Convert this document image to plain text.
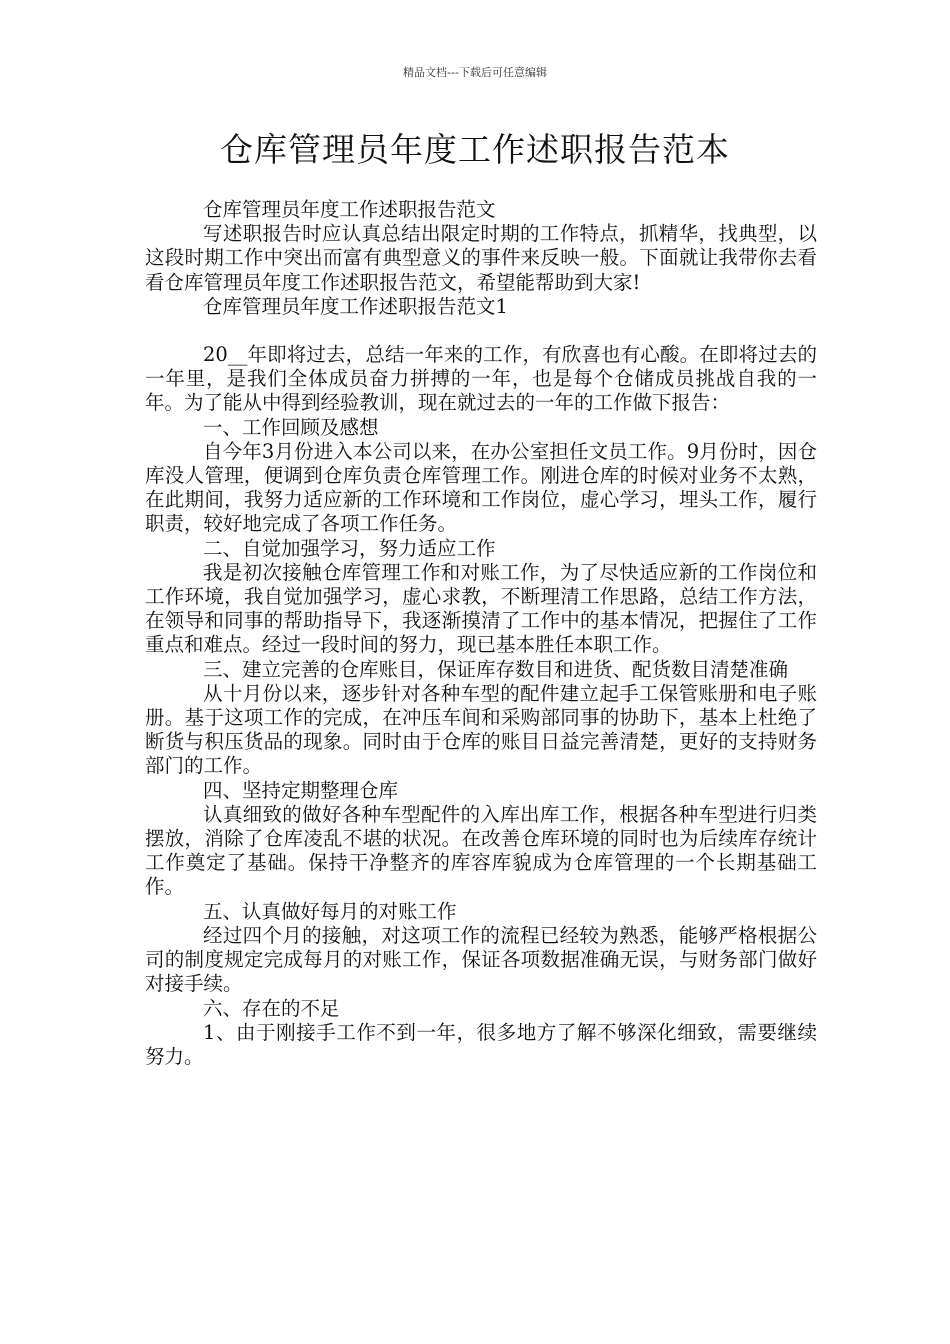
精品文档---下载后可任意编辑
仓库管理员年度工作述职报告范本

仓库管理员年度工作述职报告范文

写述职报告时应认真总结出限定时期的工作特点，抓精华，找典型，以这段时期工作中突出而富有典型意义的事件来反映一般。下面就让我带你去看看仓库管理员年度工作述职报告范文，希望能帮助到大家!

仓库管理员年度工作述职报告范文1

20__年即将过去，总结一年来的工作，有欣喜也有心酸。在即将过去的一年里，是我们全体成员奋力拼搏的一年，也是每个仓储成员挑战自我的一年。为了能从中得到经验教训，现在就过去的一年的工作做下报告：

一、工作回顾及感想

自今年3月份进入本公司以来，在办公室担任文员工作。9月份时，因仓库没人管理，便调到仓库负责仓库管理工作。刚进仓库的时候对业务不太熟，在此期间，我努力适应新的工作环境和工作岗位，虚心学习，埋头工作，履行职责，较好地完成了各项工作任务。

二、自觉加强学习，努力适应工作

我是初次接触仓库管理工作和对账工作，为了尽快适应新的工作岗位和工作环境，我自觉加强学习，虚心求教，不断理清工作思路，总结工作方法，在领导和同事的帮助指导下，我逐渐摸清了工作中的基本情况，把握住了工作重点和难点。经过一段时间的努力，现已基本胜任本职工作。

三、建立完善的仓库账目，保证库存数目和进货、配货数目清楚准确

从十月份以来，逐步针对各种车型的配件建立起手工保管账册和电子账册。基于这项工作的完成，在冲压车间和采购部同事的协助下，基本上杜绝了断货与积压货品的现象。同时由于仓库的账目日益完善清楚，更好的支持财务部门的工作。

四、坚持定期整理仓库

认真细致的做好各种车型配件的入库出库工作，根据各种车型进行归类摆放，消除了仓库凌乱不堪的状况。在改善仓库环境的同时也为后续库存统计工作奠定了基础。保持干净整齐的库容库貌成为仓库管理的一个长期基础工作。

五、认真做好每月的对账工作

经过四个月的接触，对这项工作的流程已经较为熟悉，能够严格根据公司的制度规定完成每月的对账工作，保证各项数据准确无误，与财务部门做好对接手续。

六、存在的不足

1、由于刚接手工作不到一年，很多地方了解不够深化细致，需要继续努力。
